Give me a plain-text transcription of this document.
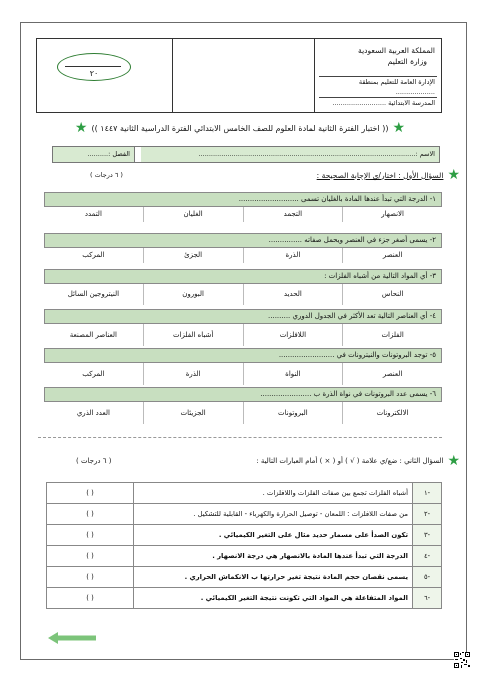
٢٠
المملكة العربية السعودية
وزارة التعليم
الإدارة العامة للتعليم بمنطقة ...................
المدرسة الابتدائية ..........................
★
(( اختبار الفترة الثانية لمادة العلوم للصف الخامس الابتدائي الفترة الدراسية الثانية ١٤٤٧ ))
★
الاسم :.........................................................................................................
الفصل :..........
★
السؤال الأول : اختار/ي الإجابة الصحيحة :
( ٦ درجات )
١- الدرجة التي تبدأ عندها المادة بالغليان تسمى ...........................
الانصهار
التجمد
الغليان
التمدد
٢- يسمى أصغر جزء في العنصر ويحمل صفاته ...............
العنصر
الذرة
الجزئ
المركب
٣- أي المواد التالية من أشباه الفلزات :
النحاس
الحديد
البورون
النيتروجين السائل
٤- أي العناصر التالية تعد الأكثر في الجدول الدوري ..........
الفلزات
اللافلزات
أشباه الفلزات
العناصر المصنعة
٥- توجد البروتونات والنيترونات في .........................
العنصر
النواة
الذرة
المركب
٦- يسمى عدد البروتونات في نواة الذرة ب .......................
الالكترونات
البروتونات
الجزيئات
العدد الذري
★
السؤال الثاني : ضع/ي علامة ( √ ) أو ( × ) أمام العبارات التالية :
( ٦ درجات )
-١	أشباه الفلزات تجمع بين صفات الفلزات واللافلزات .	( )
-٢	من صفات اللافلزات : اللمعان - توصيل الحرارة والكهرباء - القابلية للتشكيل .	( )
-٣	تكون الصدأ على مسمار حديد مثال على التغير الكيميائي .	( )
-٤	الدرجة التي تبدأ عندها المادة بالانصهار هي درجة الانصهار .	( )
-٥	يسمى نقصان حجم المادة نتيجة تغير حرارتها ب الانكماش الحراري .	( )
-٦	المواد المتفاعلة هي المواد التي تكونت نتيجة التغير الكيميائي .	( )
